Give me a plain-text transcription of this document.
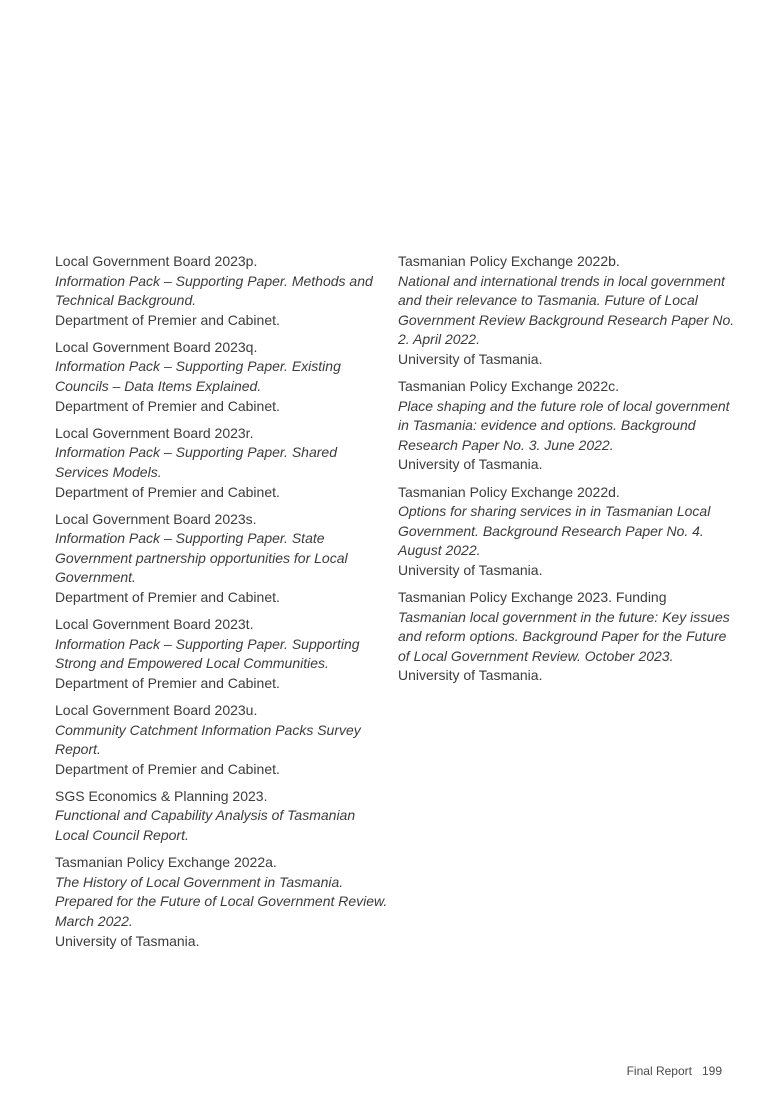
Local Government Board 2023p.
Information Pack – Supporting Paper. Methods and Technical Background.
Department of Premier and Cabinet.
Local Government Board 2023q.
Information Pack – Supporting Paper. Existing Councils – Data Items Explained.
Department of Premier and Cabinet.
Local Government Board 2023r.
Information Pack – Supporting Paper. Shared Services Models.
Department of Premier and Cabinet.
Local Government Board 2023s.
Information Pack – Supporting Paper. State Government partnership opportunities for Local Government.
Department of Premier and Cabinet.
Local Government Board 2023t.
Information Pack – Supporting Paper. Supporting Strong and Empowered Local Communities.
Department of Premier and Cabinet.
Local Government Board 2023u.
Community Catchment Information Packs Survey Report.
Department of Premier and Cabinet.
SGS Economics & Planning 2023.
Functional and Capability Analysis of Tasmanian Local Council Report.
Tasmanian Policy Exchange 2022a.
The History of Local Government in Tasmania. Prepared for the Future of Local Government Review. March 2022.
University of Tasmania.
Tasmanian Policy Exchange 2022b.
National and international trends in local government and their relevance to Tasmania. Future of Local Government Review Background Research Paper No. 2. April 2022.
University of Tasmania.
Tasmanian Policy Exchange 2022c.
Place shaping and the future role of local government in Tasmania: evidence and options. Background Research Paper No. 3. June 2022.
University of Tasmania.
Tasmanian Policy Exchange 2022d.
Options for sharing services in in Tasmanian Local Government. Background Research Paper No. 4. August 2022.
University of Tasmania.
Tasmanian Policy Exchange 2023. Funding
Tasmanian local government in the future: Key issues and reform options. Background Paper for the Future of Local Government Review. October 2023.
University of Tasmania.
Final Report 199
